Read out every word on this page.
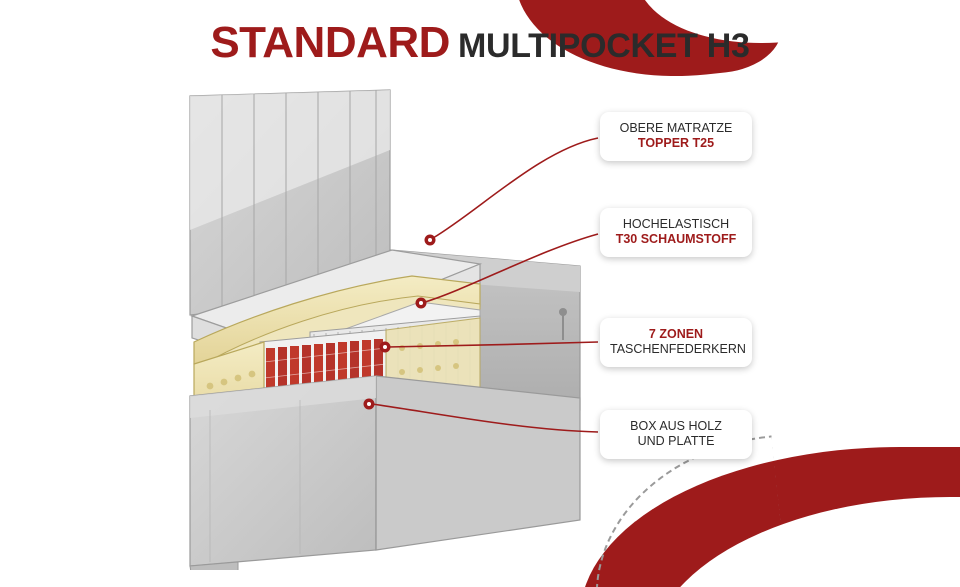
STANDARD MULTIPOCKET H3
OBERE MATRATZE
TOPPER T25
HOCHELASTISCH
T30 SCHAUMSTOFF
7 ZONEN
TASCHENFEDERKERN
BOX AUS HOLZ
UND PLATTE
